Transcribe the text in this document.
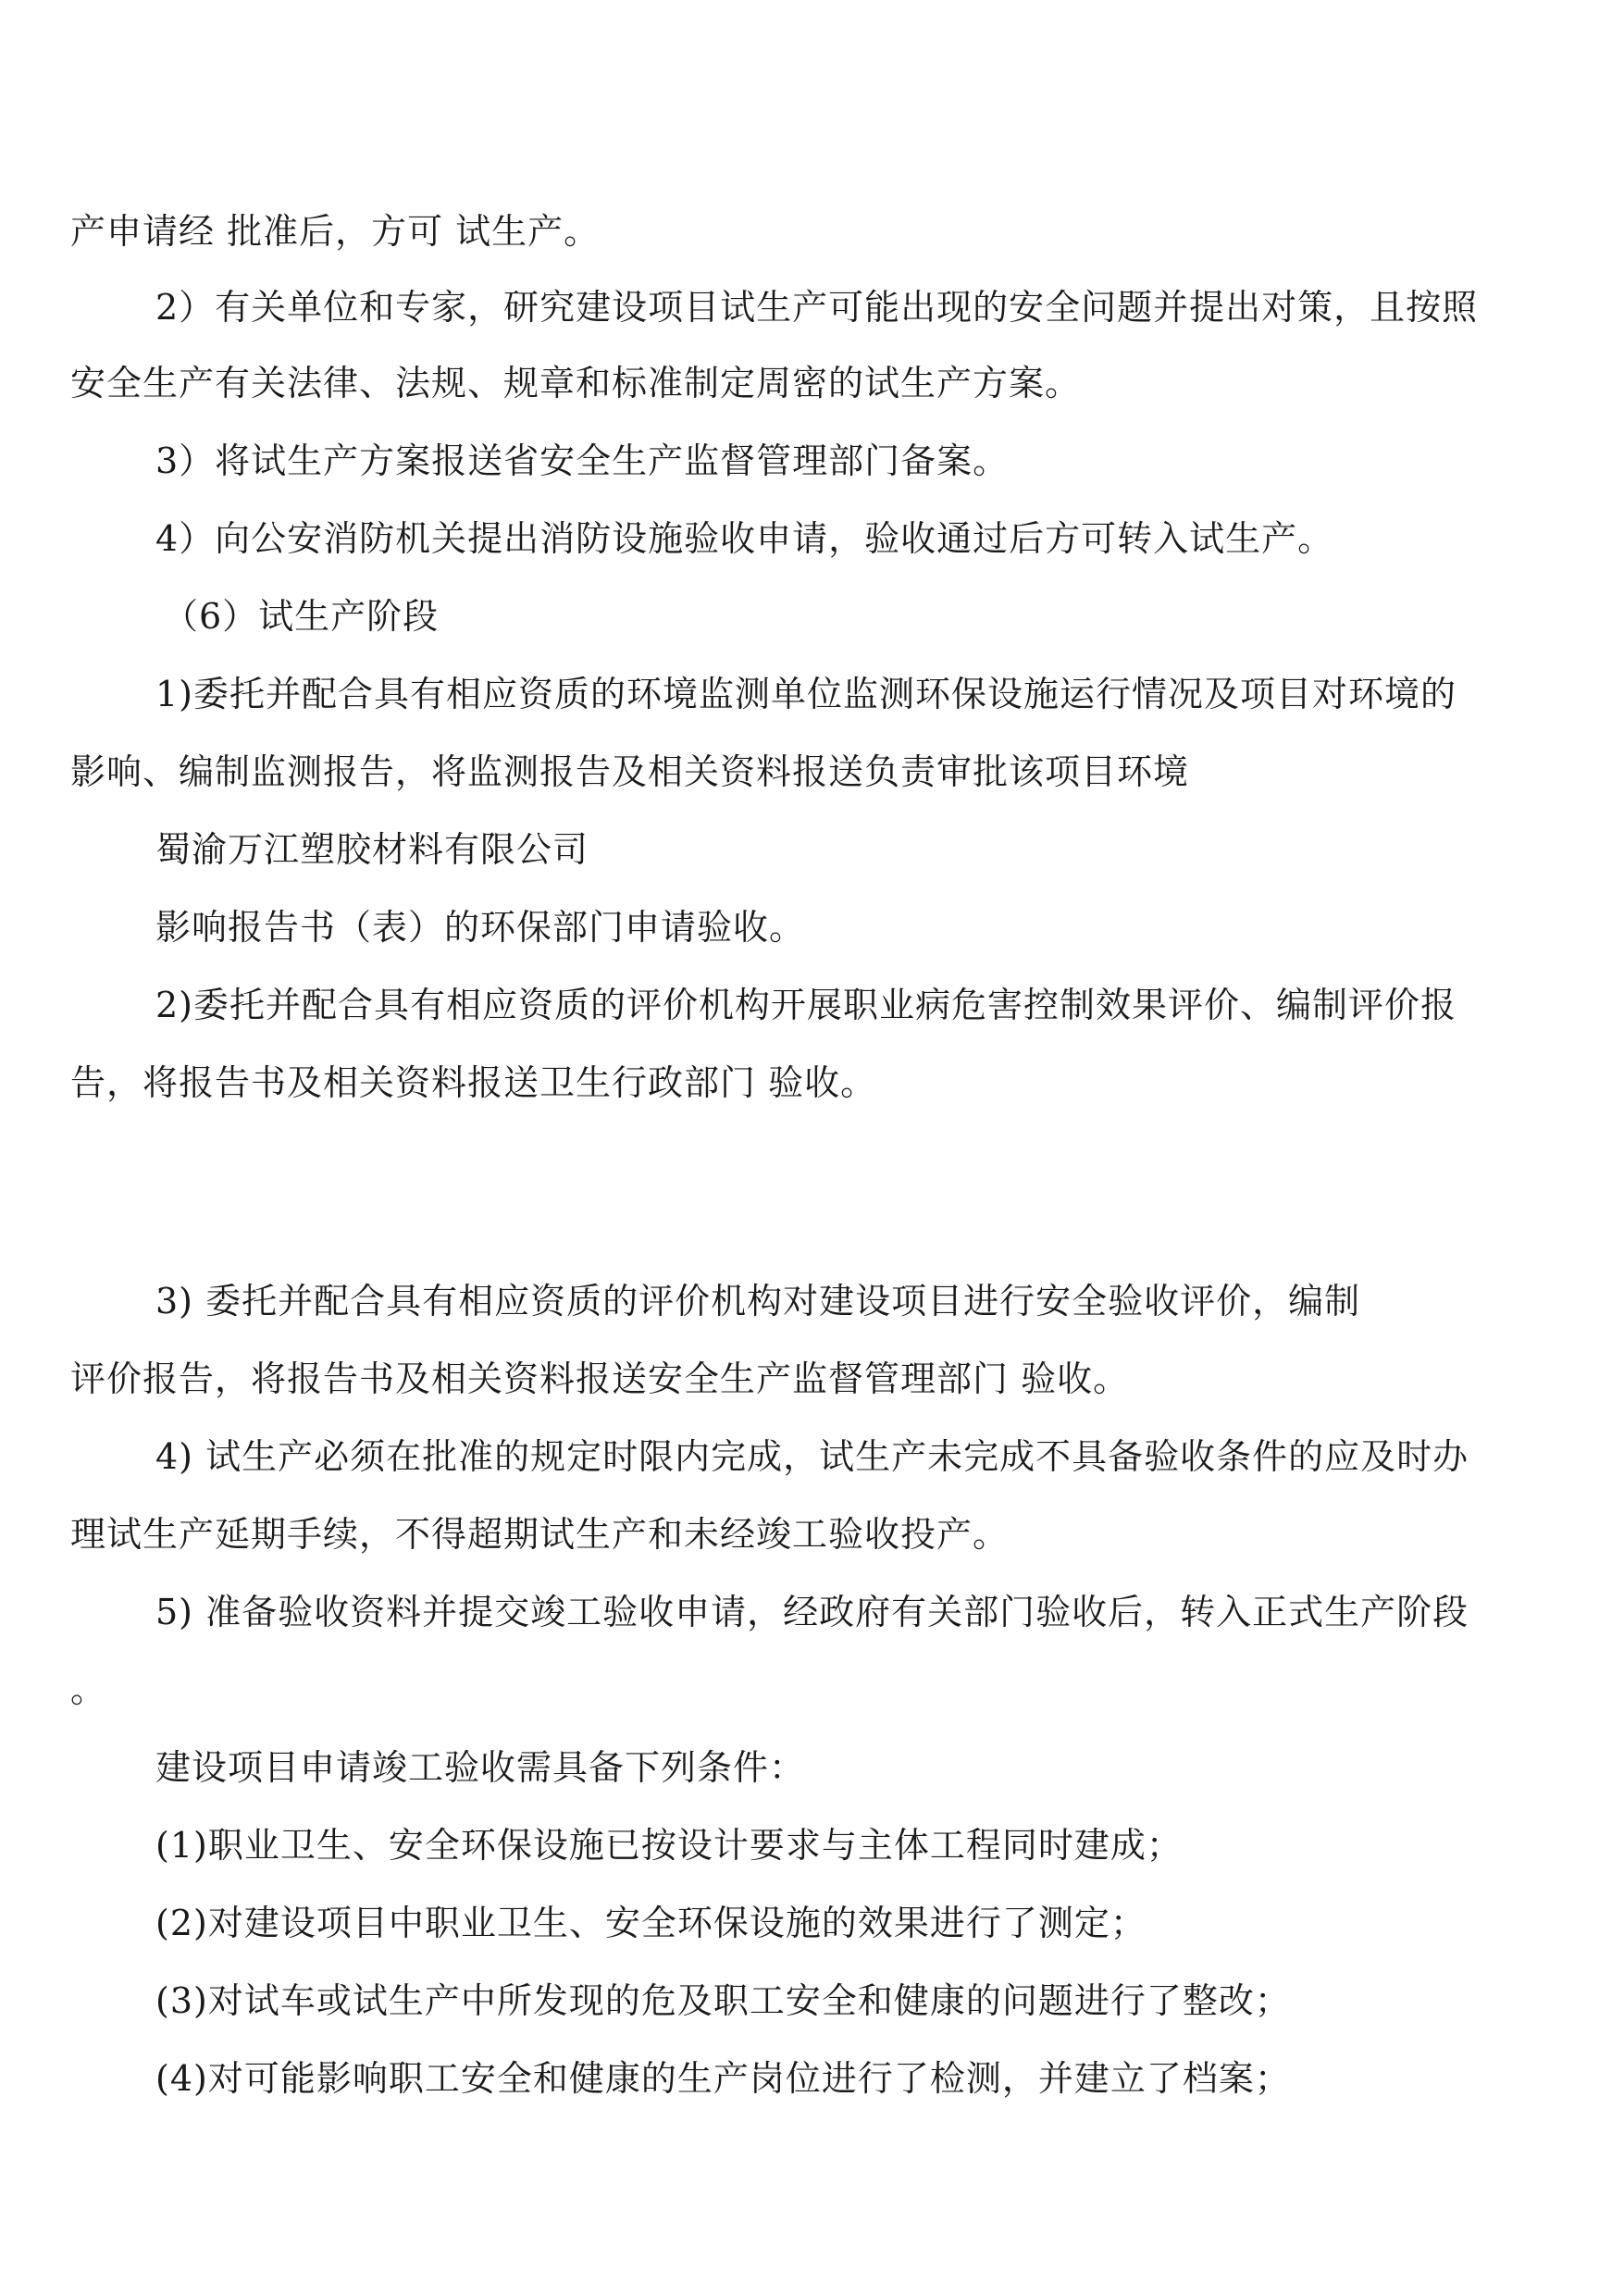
产申请经 批准后，方可 试生产。
2）有关单位和专家，研究建设项目试生产可能出现的安全问题并提出对策，且按照
安全生产有关法律、法规、规章和标准制定周密的试生产方案。
3）将试生产方案报送省安全生产监督管理部门备案。
4）向公安消防机关提出消防设施验收申请，验收通过后方可转入试生产。
（6）试生产阶段
1)委托并配合具有相应资质的环境监测单位监测环保设施运行情况及项目对环境的
影响、编制监测报告，将监测报告及相关资料报送负责审批该项目环境
蜀渝万江塑胶材料有限公司
影响报告书（表）的环保部门申请验收。
2)委托并配合具有相应资质的评价机构开展职业病危害控制效果评价、编制评价报
告，将报告书及相关资料报送卫生行政部门 验收。
3) 委托并配合具有相应资质的评价机构对建设项目进行安全验收评价，编制
评价报告，将报告书及相关资料报送安全生产监督管理部门 验收。
4) 试生产必须在批准的规定时限内完成，试生产未完成不具备验收条件的应及时办
理试生产延期手续，不得超期试生产和未经竣工验收投产。
5) 准备验收资料并提交竣工验收申请，经政府有关部门验收后，转入正式生产阶段
。
建设项目申请竣工验收需具备下列条件：
(1)职业卫生、安全环保设施已按设计要求与主体工程同时建成；
(2)对建设项目中职业卫生、安全环保设施的效果进行了测定；
(3)对试车或试生产中所发现的危及职工安全和健康的问题进行了整改；
(4)对可能影响职工安全和健康的生产岗位进行了检测，并建立了档案；
